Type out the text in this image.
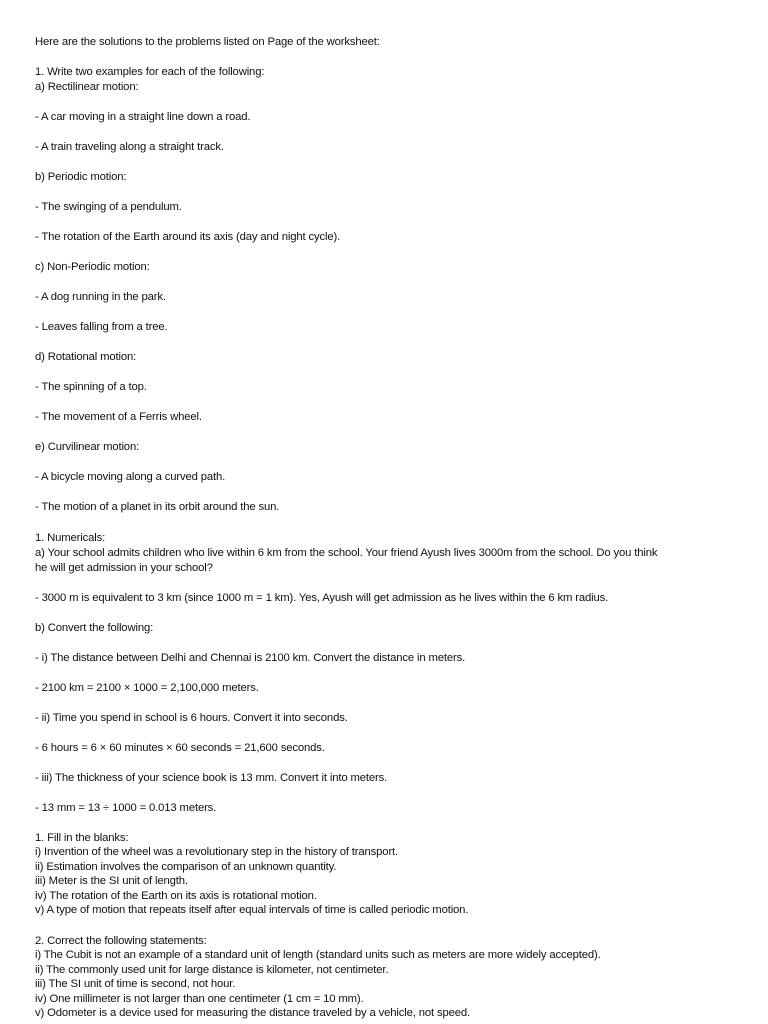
Here are the solutions to the problems listed on Page of the worksheet:
1. Write two examples for each of the following:
a) Rectilinear motion:
- A car moving in a straight line down a road.
- A train traveling along a straight track.
b) Periodic motion:
- The swinging of a pendulum.
- The rotation of the Earth around its axis (day and night cycle).
c) Non-Periodic motion:
- A dog running in the park.
- Leaves falling from a tree.
d) Rotational motion:
- The spinning of a top.
- The movement of a Ferris wheel.
e) Curvilinear motion:
- A bicycle moving along a curved path.
- The motion of a planet in its orbit around the sun.
1. Numericals:
a) Your school admits children who live within 6 km from the school. Your friend Ayush lives 3000m from the school. Do you think
he will get admission in your school?
- 3000 m is equivalent to 3 km (since 1000 m = 1 km). Yes, Ayush will get admission as he lives within the 6 km radius.
b) Convert the following:
- i) The distance between Delhi and Chennai is 2100 km. Convert the distance in meters.
- 2100 km = 2100 × 1000 = 2,100,000 meters.
- ii) Time you spend in school is 6 hours. Convert it into seconds.
- 6 hours = 6 × 60 minutes × 60 seconds = 21,600 seconds.
- iii) The thickness of your science book is 13 mm. Convert it into meters.
- 13 mm = 13 ÷ 1000 = 0.013 meters.
1. Fill in the blanks:
i) Invention of the wheel was a revolutionary step in the history of transport.
ii) Estimation involves the comparison of an unknown quantity.
iii) Meter is the SI unit of length.
iv) The rotation of the Earth on its axis is rotational motion.
v) A type of motion that repeats itself after equal intervals of time is called periodic motion.
2. Correct the following statements:
i) The Cubit is not an example of a standard unit of length (standard units such as meters are more widely accepted).
ii) The commonly used unit for large distance is kilometer, not centimeter.
iii) The SI unit of time is second, not hour.
iv) One millimeter is not larger than one centimeter (1 cm = 10 mm).
v) Odometer is a device used for measuring the distance traveled by a vehicle, not speed.
